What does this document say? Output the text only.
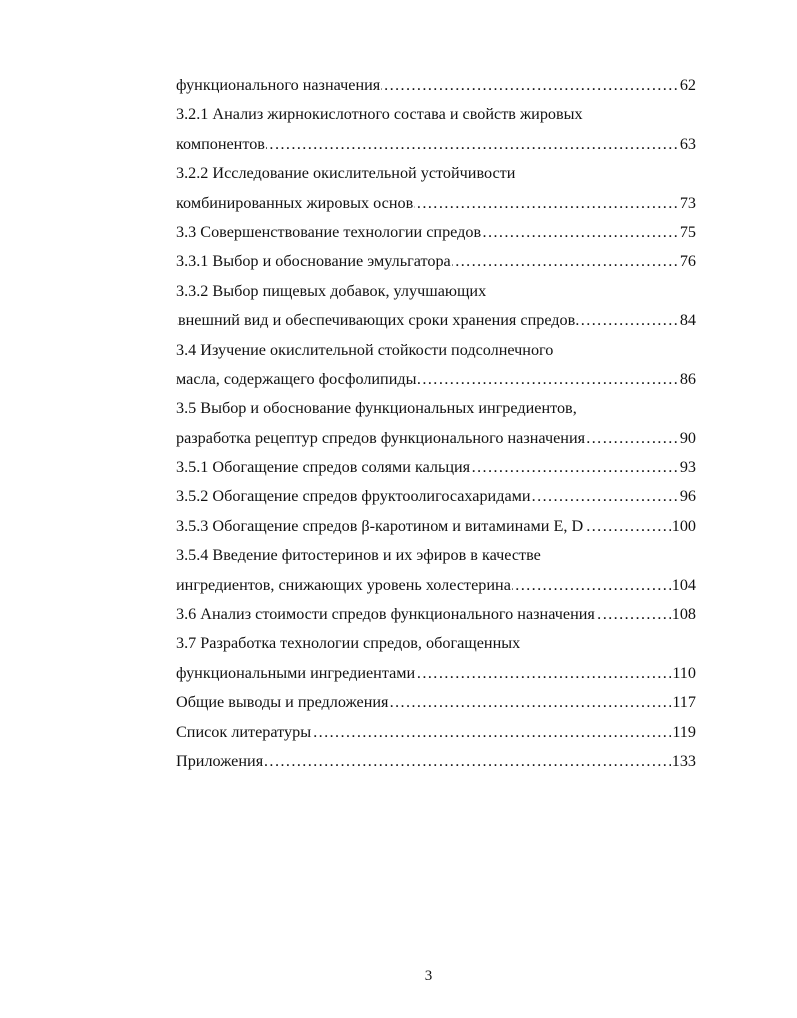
………………………………………………………………………………………………………………………………………………… функционального назначения	62
3.2.1 Анализ жирнокислотного состава и свойств жировых
………………………………………………………………………………………………………………………………………………… компонентов	63
3.2.2 Исследование окислительной устойчивости
………………………………………………………………………………………………………………………………………………… комбинированных жировых основ	73
………………………………………………………………………………………………………………………………………………… 3.3 Совершенствование технологии спредов	75
………………………………………………………………………………………………………………………………………………… 3.3.1 Выбор и обоснование эмульгатора	76
3.3.2 Выбор пищевых добавок, улучшающих
………………………………………………………………………………………………………………………………………………… внешний вид и обеспечивающих сроки хранения спредов	84
3.4 Изучение окислительной стойкости подсолнечного
………………………………………………………………………………………………………………………………………………… масла, содержащего фосфолипиды	86
3.5 Выбор и обоснование функциональных ингредиентов,
………………………………………………………………………………………………………………………………………………… разработка рецептур спредов функционального назначения	90
………………………………………………………………………………………………………………………………………………… 3.5.1 Обогащение спредов солями кальция	93
………………………………………………………………………………………………………………………………………………… 3.5.2 Обогащение спредов фруктоолигосахаридами	96
………………………………………………………………………………………………………………………………………………… 3.5.3 Обогащение спредов β-каротином и витаминами Е, D	100
3.5.4 Введение фитостеринов и их эфиров в качестве
………………………………………………………………………………………………………………………………………………… ингредиентов, снижающих уровень холестерина	104
………………………………………………………………………………………………………………………………………………… 3.6 Анализ стоимости спредов функционального назначения	108
3.7 Разработка технологии спредов, обогащенных
………………………………………………………………………………………………………………………………………………… функциональными ингредиентами	110
………………………………………………………………………………………………………………………………………………… Общие выводы и предложения	117
………………………………………………………………………………………………………………………………………………… Список литературы	119
………………………………………………………………………………………………………………………………………………… Приложения	133
3
